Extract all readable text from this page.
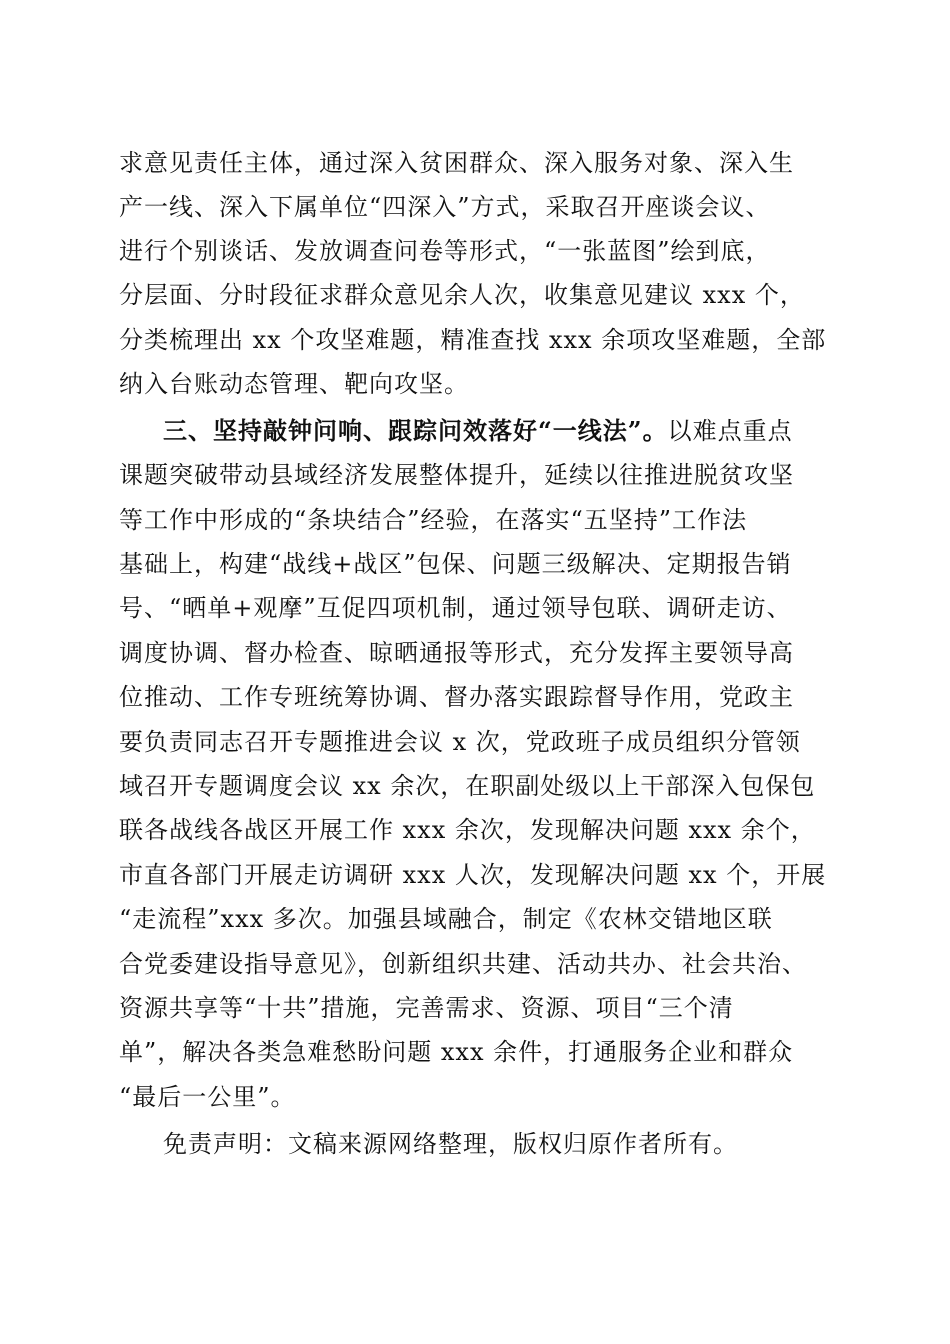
求意见责任主体，通过深入贫困群众、深入服务对象、深入生
产一线、深入下属单位“四深入”方式，采取召开座谈会议、
进行个别谈话、发放调查问卷等形式，“一张蓝图”绘到底，
分层面、分时段征求群众意见余人次，收集意见建议 xxx 个，
分类梳理出 xx 个攻坚难题，精准查找 xxx 余项攻坚难题，全部
纳入台账动态管理、靶向攻坚。
三、坚持敲钟问响、跟踪问效落好“一线法”。以难点重点
课题突破带动县域经济发展整体提升，延续以往推进脱贫攻坚
等工作中形成的“条块结合”经验，在落实“五坚持”工作法
基础上，构建“战线+战区”包保、问题三级解决、定期报告销
号、“晒单+观摩”互促四项机制，通过领导包联、调研走访、
调度协调、督办检查、晾晒通报等形式，充分发挥主要领导高
位推动、工作专班统筹协调、督办落实跟踪督导作用，党政主
要负责同志召开专题推进会议 x 次，党政班子成员组织分管领
域召开专题调度会议 xx 余次，在职副处级以上干部深入包保包
联各战线各战区开展工作 xxx 余次，发现解决问题 xxx 余个，
市直各部门开展走访调研 xxx 人次，发现解决问题 xx 个，开展
“走流程”xxx 多次。加强县域融合，制定《农林交错地区联
合党委建设指导意见》，创新组织共建、活动共办、社会共治、
资源共享等“十共”措施，完善需求、资源、项目“三个清
单”，解决各类急难愁盼问题 xxx 余件，打通服务企业和群众
“最后一公里”。
免责声明：文稿来源网络整理，版权归原作者所有。
